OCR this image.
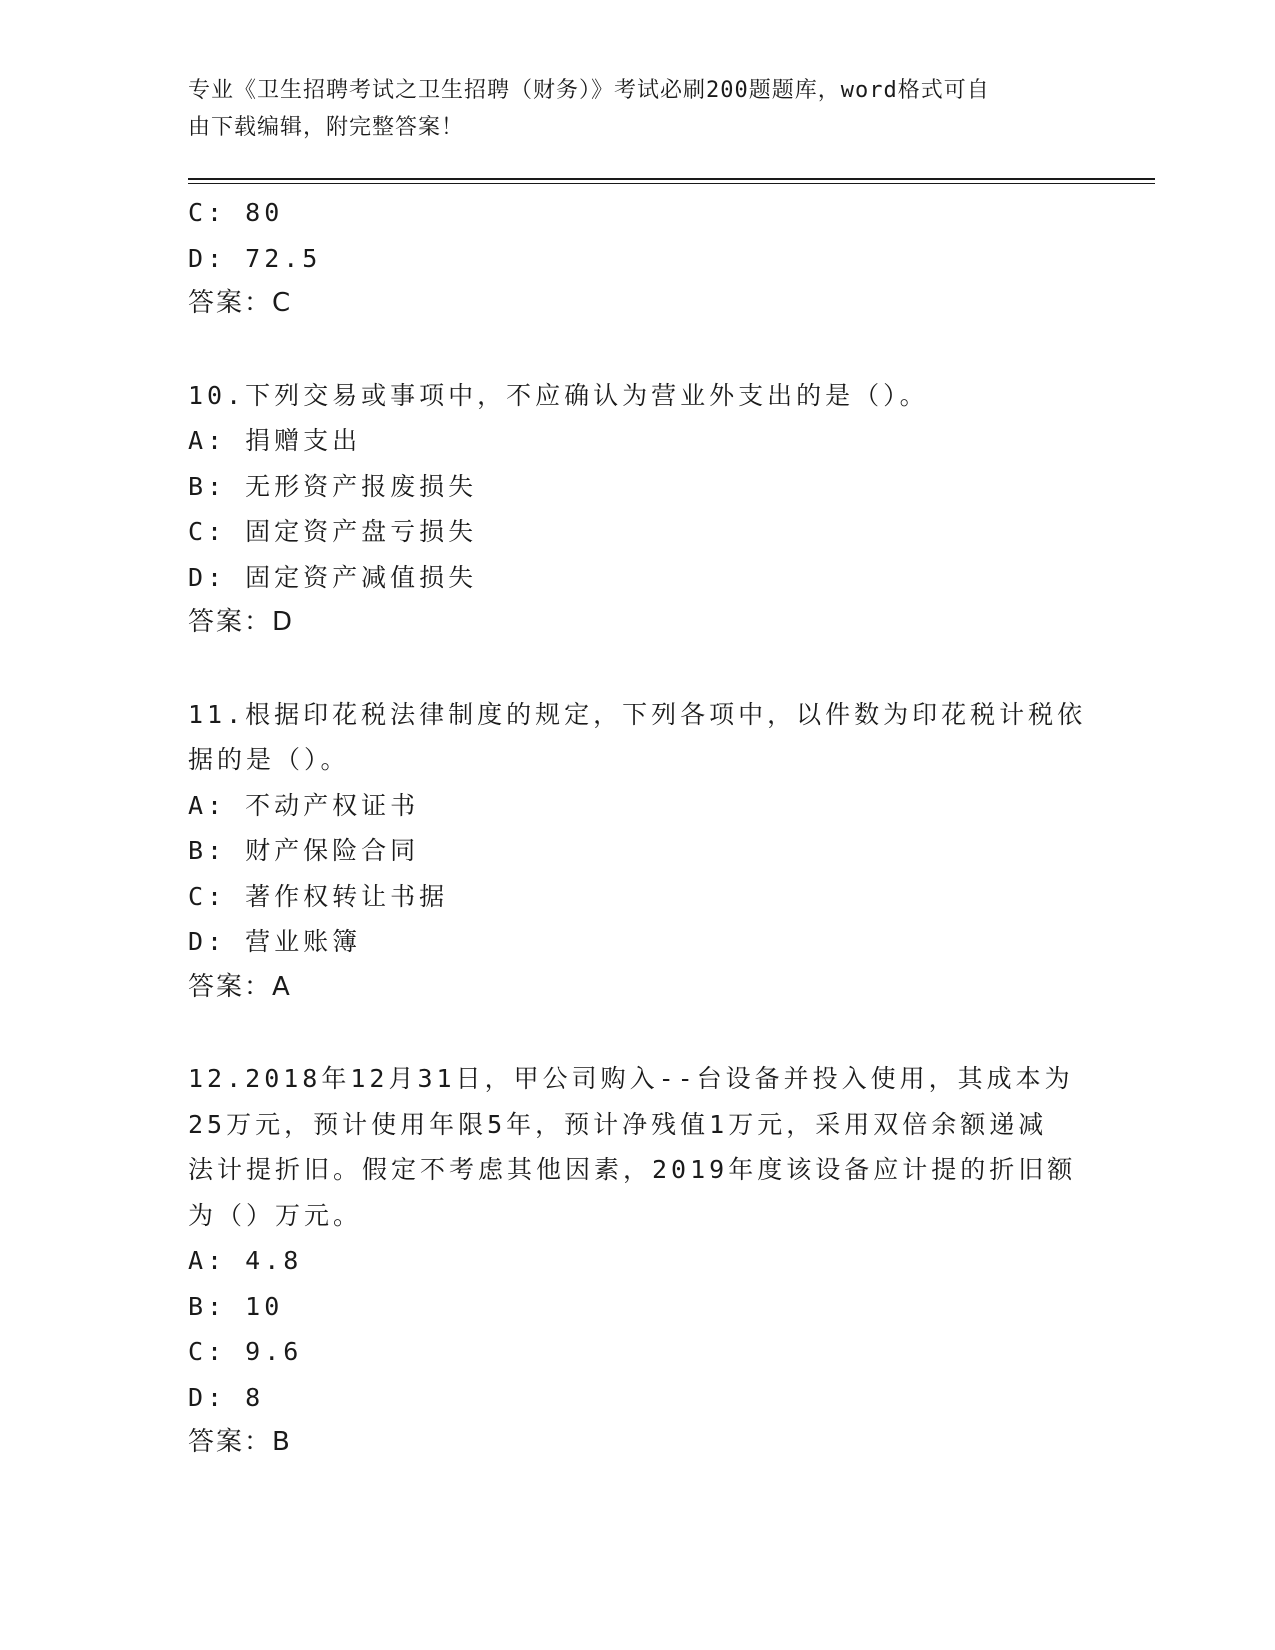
专业《卫生招聘考试之卫生招聘（财务）》考试必刷200题题库，word格式可自
由下载编辑，附完整答案！
C: 80
D: 72.5
答案：C
10.下列交易或事项中，不应确认为营业外支出的是（）。
A: 捐赠支出
B: 无形资产报废损失
C: 固定资产盘亏损失
D: 固定资产减值损失
答案：D
11.根据印花税法律制度的规定，下列各项中，以件数为印花税计税依
据的是（）。
A: 不动产权证书
B: 财产保险合同
C: 著作权转让书据
D: 营业账簿
答案：A
12.2018年12月31日，甲公司购入--台设备并投入使用，其成本为
25万元，预计使用年限5年，预计净残值1万元，采用双倍余额递减
法计提折旧。假定不考虑其他因素，2019年度该设备应计提的折旧额
为（）万元。
A: 4.8
B: 10
C: 9.6
D: 8
答案：B
